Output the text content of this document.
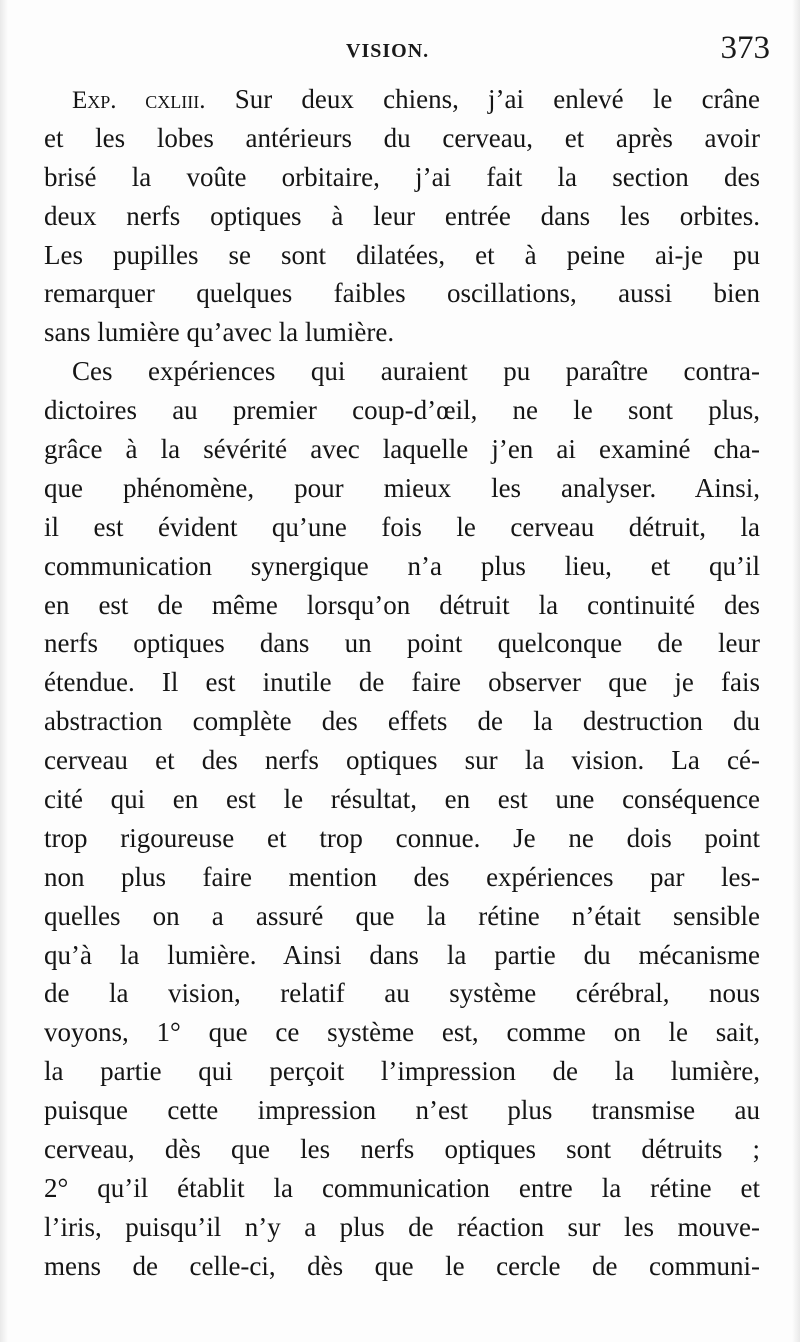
VISION.	373
Exp. cxliii. Sur deux chiens, j’ai enlevé le crâne
et les lobes antérieurs du cerveau, et après avoir
brisé la voûte orbitaire, j’ai fait la section des
deux nerfs optiques à leur entrée dans les orbites.
Les pupilles se sont dilatées, et à peine ai-je pu
remarquer quelques faibles oscillations, aussi bien
sans lumière qu’avec la lumière.
Ces expériences qui auraient pu paraître contra-
dictoires au premier coup-d’œil, ne le sont plus,
grâce à la sévérité avec laquelle j’en ai examiné cha-
que phénomène, pour mieux les analyser. Ainsi,
il est évident qu’une fois le cerveau détruit, la
communication synergique n’a plus lieu, et qu’il
en est de même lorsqu’on détruit la continuité des
nerfs optiques dans un point quelconque de leur
étendue. Il est inutile de faire observer que je fais
abstraction complète des effets de la destruction du
cerveau et des nerfs optiques sur la vision. La cé-
cité qui en est le résultat, en est une conséquence
trop rigoureuse et trop connue. Je ne dois point
non plus faire mention des expériences par les-
quelles on a assuré que la rétine n’était sensible
qu’à la lumière. Ainsi dans la partie du mécanisme
de la vision, relatif au système cérébral, nous
voyons, 1° que ce système est, comme on le sait,
la partie qui perçoit l’impression de la lumière,
puisque cette impression n’est plus transmise au
cerveau, dès que les nerfs optiques sont détruits ;
2° qu’il établit la communication entre la rétine et
l’iris, puisqu’il n’y a plus de réaction sur les mouve-
mens de celle-ci, dès que le cercle de communi-
